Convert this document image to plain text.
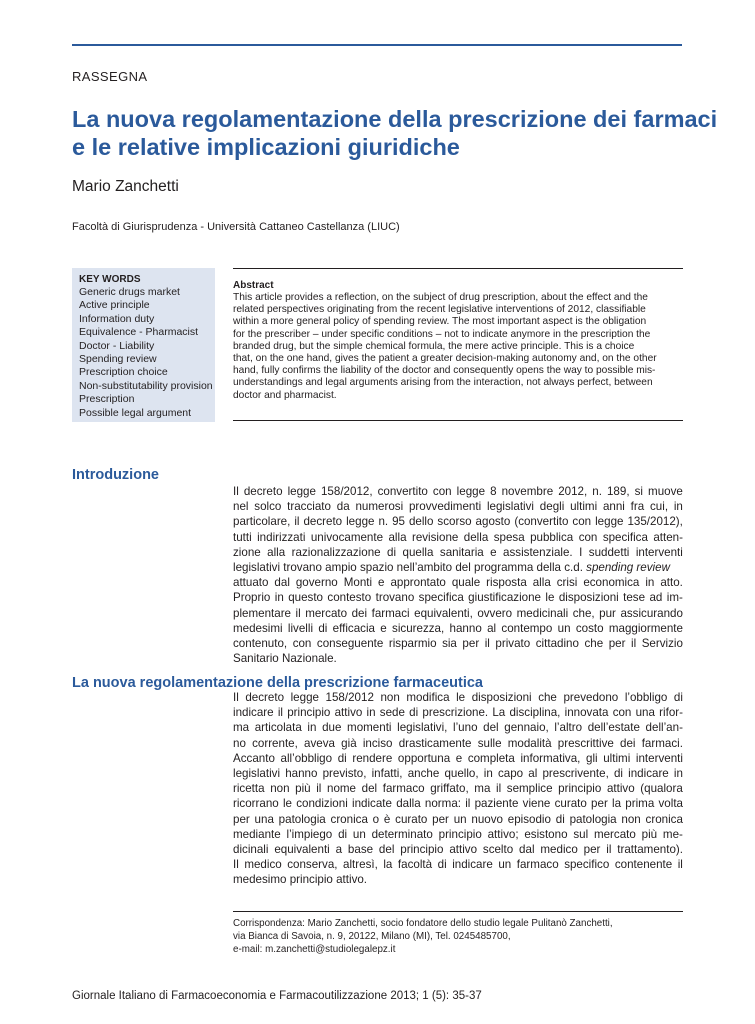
RASSEGNA
La nuova regolamentazione della prescrizione dei farmaci
e le relative implicazioni giuridiche
Mario Zanchetti
Facoltà di Giurisprudenza - Università Cattaneo Castellanza (LIUC)
KEY WORDS
Generic drugs market
Active principle
Information duty
Equivalence - Pharmacist
Doctor - Liability
Spending review
Prescription choice
Non-substitutability provision
Prescription
Possible legal argument
Abstract
This article provides a reflection, on the subject of drug prescription, about the effect and the
related perspectives originating from the recent legislative interventions of 2012, classifiable
within a more general policy of spending review. The most important aspect is the obligation
for the prescriber – under specific conditions – not to indicate anymore in the prescription the
branded drug, but the simple chemical formula, the mere active principle. This is a choice
that, on the one hand, gives the patient a greater decision-making autonomy and, on the other
hand, fully confirms the liability of the doctor and consequently opens the way to possible mis-
understandings and legal arguments arising from the interaction, not always perfect, between
doctor and pharmacist.
Introduzione
Il decreto legge 158/2012, convertito con legge 8 novembre 2012, n. 189, si muove
nel solco tracciato da numerosi provvedimenti legislativi degli ultimi anni fra cui, in
particolare, il decreto legge n. 95 dello scorso agosto (convertito con legge 135/2012),
tutti indirizzati univocamente alla revisione della spesa pubblica con specifica atten-
zione alla razionalizzazione di quella sanitaria e assistenziale. I suddetti interventi
legislativi trovano ampio spazio nell’ambito del programma della c.d.
spending review
attuato dal governo Monti e approntato quale risposta alla crisi economica in atto.
Proprio in questo contesto trovano specifica giustificazione le disposizioni tese ad im-
plementare il mercato dei farmaci equivalenti, ovvero medicinali che, pur assicurando
medesimi livelli di efficacia e sicurezza, hanno al contempo un costo maggiormente
contenuto, con conseguente risparmio sia per il privato cittadino che per il Servizio
Sanitario Nazionale.
La nuova regolamentazione della prescrizione farmaceutica
Il decreto legge 158/2012 non modifica le disposizioni che prevedono l’obbligo di
indicare il principio attivo in sede di prescrizione. La disciplina, innovata con una rifor-
ma articolata in due momenti legislativi, l’uno del gennaio, l’altro dell’estate dell’an-
no corrente, aveva già inciso drasticamente sulle modalità prescrittive dei farmaci.
Accanto all’obbligo di rendere opportuna e completa informativa, gli ultimi interventi
legislativi hanno previsto, infatti, anche quello, in capo al prescrivente, di indicare in
ricetta non più il nome del farmaco griffato, ma il semplice principio attivo (qualora
ricorrano le condizioni indicate dalla norma: il paziente viene curato per la prima volta
per una patologia cronica o è curato per un nuovo episodio di patologia non cronica
mediante l’impiego di un determinato principio attivo; esistono sul mercato più me-
dicinali equivalenti a base del principio attivo scelto dal medico per il trattamento).
Il medico conserva, altresì, la facoltà di indicare un farmaco specifico contenente il
medesimo principio attivo.
Corrispondenza: Mario Zanchetti, socio fondatore dello studio legale Pulitanò Zanchetti,
via Bianca di Savoia, n. 9, 20122, Milano (MI), Tel. 0245485700,
e-mail: m.zanchetti@studiolegalepz.it
Giornale Italiano di Farmacoeconomia e Farmacoutilizzazione 2013; 1 (5): 35-37
